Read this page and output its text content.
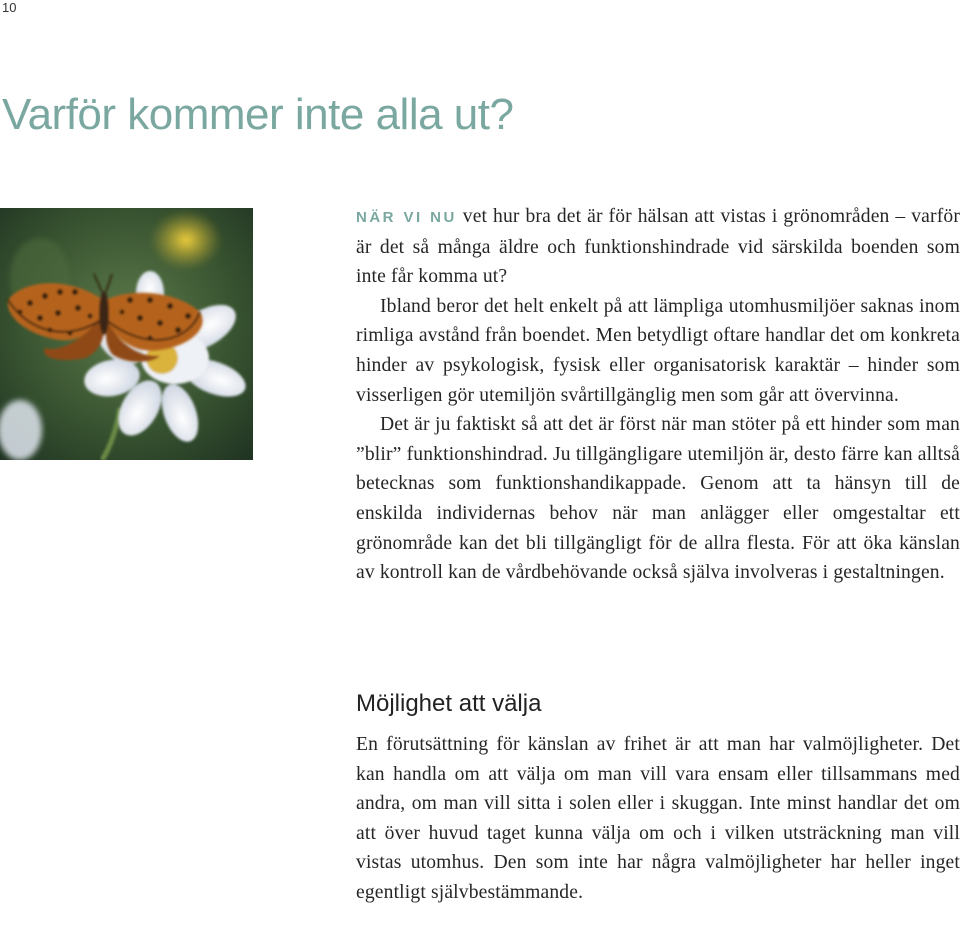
10
Varför kommer inte alla ut?

NÄR VI NU vet hur bra det är för hälsan att vistas i grönområden – varför är det så många äldre och funktionshindrade vid särskilda boenden som inte får komma ut?

Ibland beror det helt enkelt på att lämpliga utomhusmiljöer saknas inom rimliga avstånd från boendet. Men betydligt oftare handlar det om konkreta hinder av psykologisk, fysisk eller organisatorisk karaktär – hinder som visserligen gör utemiljön svårtillgänglig men som går att övervinna.

Det är ju faktiskt så att det är först när man stöter på ett hinder som man ”blir” funktionshindrad. Ju tillgängligare utemiljön är, desto färre kan alltså betecknas som funktionshandikappade. Genom att ta hänsyn till de enskilda individernas behov när man anlägger eller omgestaltar ett grönområde kan det bli tillgängligt för de allra flesta. För att öka känslan av kontroll kan de vårdbehövande också själva involveras i gestaltningen.

Möjlighet att välja

En förutsättning för känslan av frihet är att man har valmöjligheter. Det kan handla om att välja om man vill vara ensam eller tillsammans med andra, om man vill sitta i solen eller i skuggan. Inte minst handlar det om att över huvud taget kunna välja om och i vilken utsträckning man vill vistas utomhus. Den som inte har några valmöjligheter har heller inget egentligt självbestämmande.
